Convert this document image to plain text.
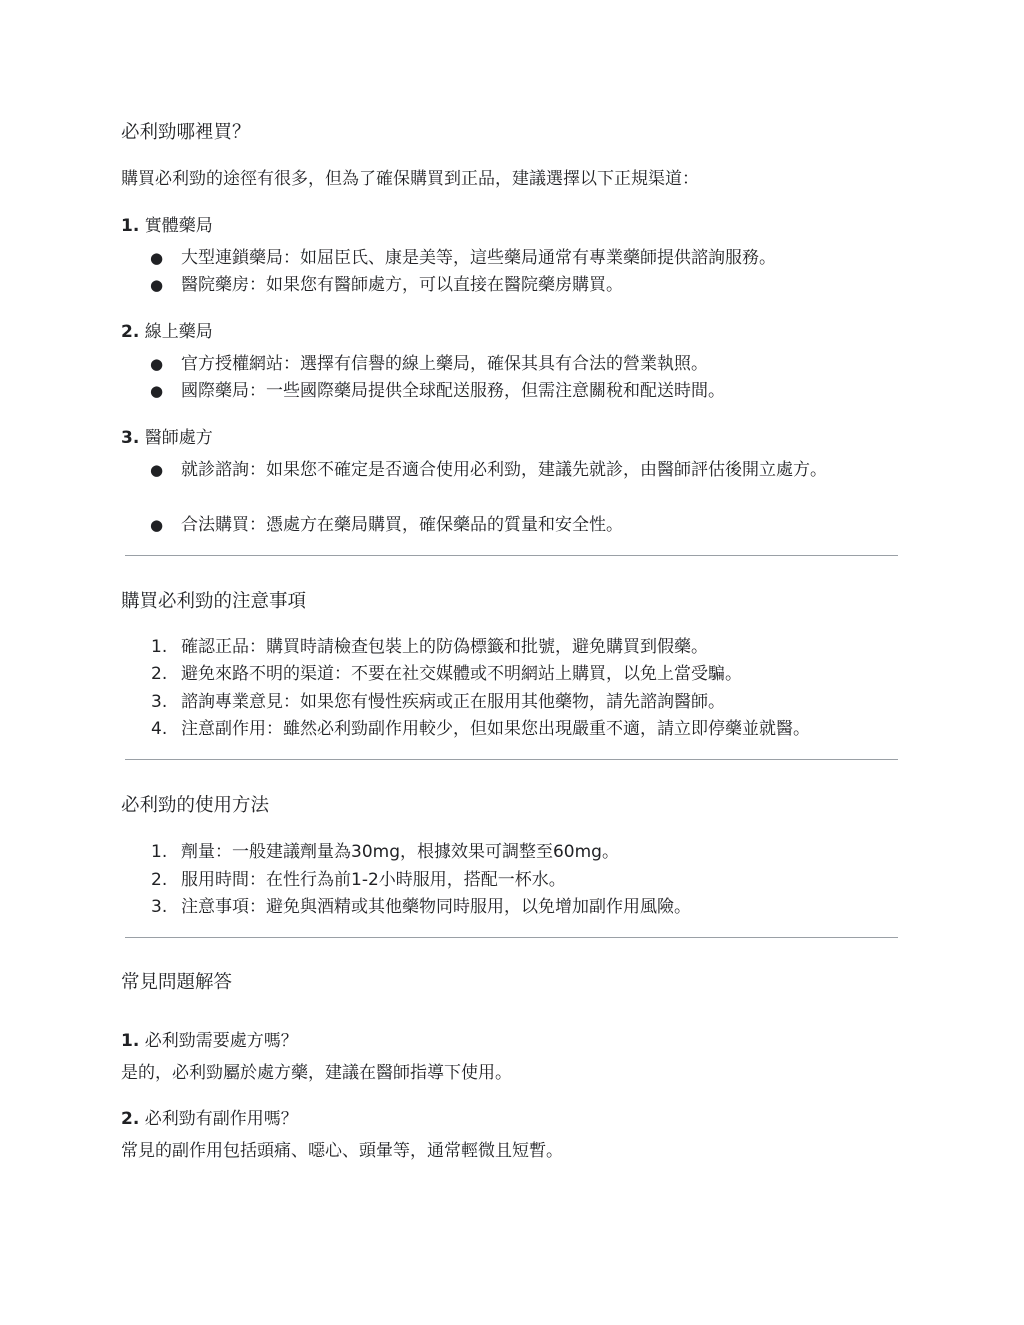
必利勁哪裡買？
購買必利勁的途徑有很多，但為了確保購買到正品，建議選擇以下正規渠道：
1. 實體藥局
● 大型連鎖藥局：如屈臣氏、康是美等，這些藥局通常有專業藥師提供諮詢服務。
● 醫院藥房：如果您有醫師處方，可以直接在醫院藥房購買。
2. 線上藥局
● 官方授權網站：選擇有信譽的線上藥局，確保其具有合法的營業執照。
● 國際藥局：一些國際藥局提供全球配送服務，但需注意關稅和配送時間。
3. 醫師處方
● 就診諮詢：如果您不確定是否適合使用必利勁，建議先就診，由醫師評估後開立處方。
● 合法購買：憑處方在藥局購買，確保藥品的質量和安全性。
購買必利勁的注意事項
1. 確認正品：購買時請檢查包裝上的防偽標籤和批號，避免購買到假藥。
2. 避免來路不明的渠道：不要在社交媒體或不明網站上購買，以免上當受騙。
3. 諮詢專業意見：如果您有慢性疾病或正在服用其他藥物，請先諮詢醫師。
4. 注意副作用：雖然必利勁副作用較少，但如果您出現嚴重不適，請立即停藥並就醫。
必利勁的使用方法
1. 劑量：一般建議劑量為30mg，根據效果可調整至60mg。
2. 服用時間：在性行為前1-2小時服用，搭配一杯水。
3. 注意事項：避免與酒精或其他藥物同時服用，以免增加副作用風險。
常見問題解答
1. 必利勁需要處方嗎？
是的，必利勁屬於處方藥，建議在醫師指導下使用。
2. 必利勁有副作用嗎？
常見的副作用包括頭痛、噁心、頭暈等，通常輕微且短暫。
